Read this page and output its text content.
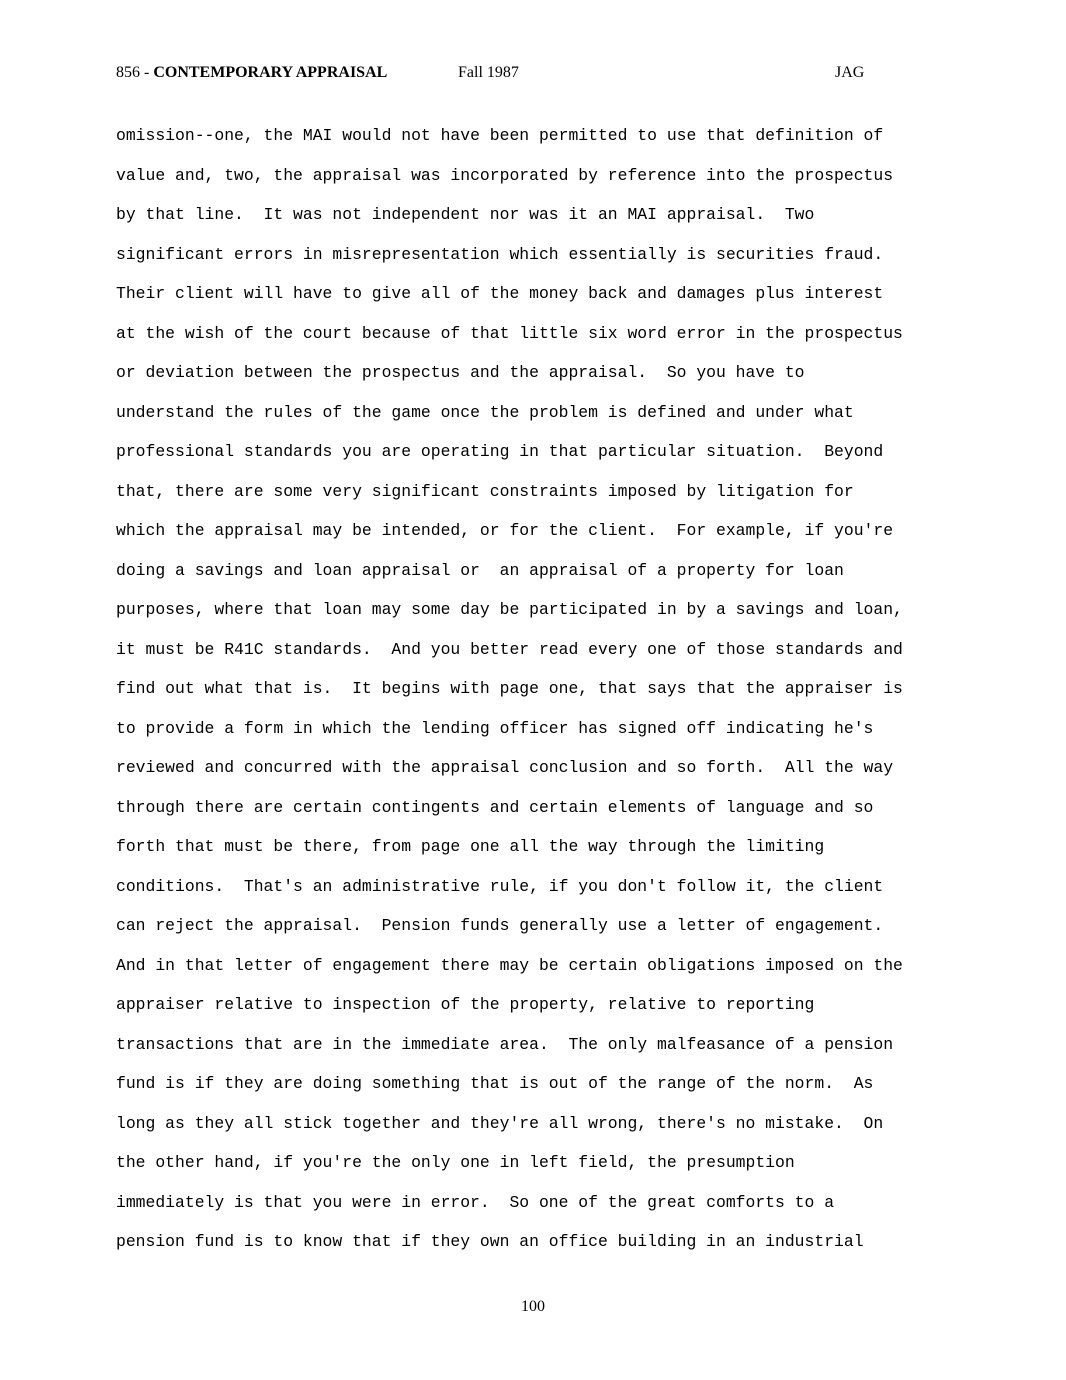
856 - CONTEMPORARY APPRAISAL	Fall 1987	JAG
omission--one, the MAI would not have been permitted to use that definition of
value and, two, the appraisal was incorporated by reference into the prospectus
by that line.  It was not independent nor was it an MAI appraisal.  Two
significant errors in misrepresentation which essentially is securities fraud.
Their client will have to give all of the money back and damages plus interest
at the wish of the court because of that little six word error in the prospectus
or deviation between the prospectus and the appraisal.  So you have to
understand the rules of the game once the problem is defined and under what
professional standards you are operating in that particular situation.  Beyond
that, there are some very significant constraints imposed by litigation for
which the appraisal may be intended, or for the client.  For example, if you're
doing a savings and loan appraisal or  an appraisal of a property for loan
purposes, where that loan may some day be participated in by a savings and loan,
it must be R41C standards.  And you better read every one of those standards and
find out what that is.  It begins with page one, that says that the appraiser is
to provide a form in which the lending officer has signed off indicating he's
reviewed and concurred with the appraisal conclusion and so forth.  All the way
through there are certain contingents and certain elements of language and so
forth that must be there, from page one all the way through the limiting
conditions.  That's an administrative rule, if you don't follow it, the client
can reject the appraisal.  Pension funds generally use a letter of engagement.
And in that letter of engagement there may be certain obligations imposed on the
appraiser relative to inspection of the property, relative to reporting
transactions that are in the immediate area.  The only malfeasance of a pension
fund is if they are doing something that is out of the range of the norm.  As
long as they all stick together and they're all wrong, there's no mistake.  On
the other hand, if you're the only one in left field, the presumption
immediately is that you were in error.  So one of the great comforts to a
pension fund is to know that if they own an office building in an industrial
100
